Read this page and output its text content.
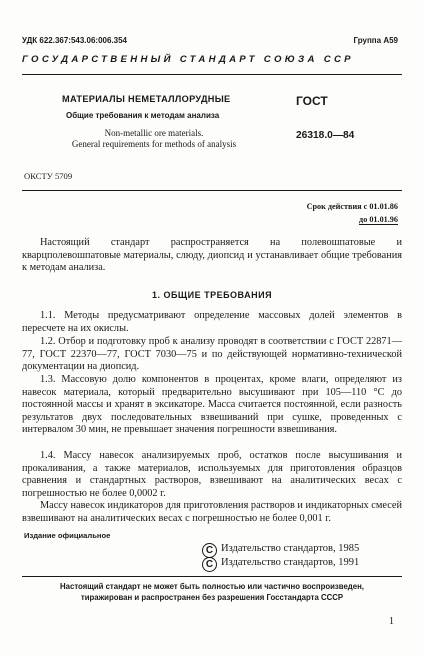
УДК 622.367:543.06:006.354	Группа А59
ГОСУДАРСТВЕННЫЙ СТАНДАРТ СОЮЗА ССР
МАТЕРИАЛЫ НЕМЕТАЛЛОРУДНЫЕ
Общие требования к методам анализа
Non-metallic ore materials.
General requirements for methods of analysis
ГОСТ
26318.0—84
ОКСТУ 5709
Срок действия с 01.01.86
до 01.01.96
Настоящий стандарт распространяется на полевошпатовые и кварцполевошпатовые материалы, слюду, диопсид и устанавливает общие требования к методам анализа.
1. ОБЩИЕ ТРЕБОВАНИЯ
1.1. Методы предусматривают определение массовых долей элементов в пересчете на их окислы.
1.2. Отбор и подготовку проб к анализу проводят в соответствии с ГОСТ 22871—77, ГОСТ 22370—77, ГОСТ 7030—75 и по действующей нормативно-технической документации на диопсид.
1.3. Массовую долю компонентов в процентах, кроме влаги, определяют из навесок материала, который предварительно высушивают при 105—110 °С до постоянной массы и хранят в эксикаторе. Масса считается постоянной, если разность результатов двух последовательных взвешиваний при сушке, проведенных с интервалом 30 мин, не превышает значения погрешности взвешивания.
1.4. Массу навесок анализируемых проб, остатков после высушивания и прокаливания, а также материалов, используемых для приготовления образцов сравнения и стандартных растворов, взвешивают на аналитических весах с погрешностью не более 0,0002 г.
Массу навесок индикаторов для приготовления растворов и индикаторных смесей взвешивают на аналитических весах с погрешностью не более 0,001 г.
Издание официальное
С Издательство стандартов, 1985
С Издательство стандартов, 1991
Настоящий стандарт не может быть полностью или частично воспроизведен,
тиражирован и распространен без разрешения Госстандарта СССР
1
